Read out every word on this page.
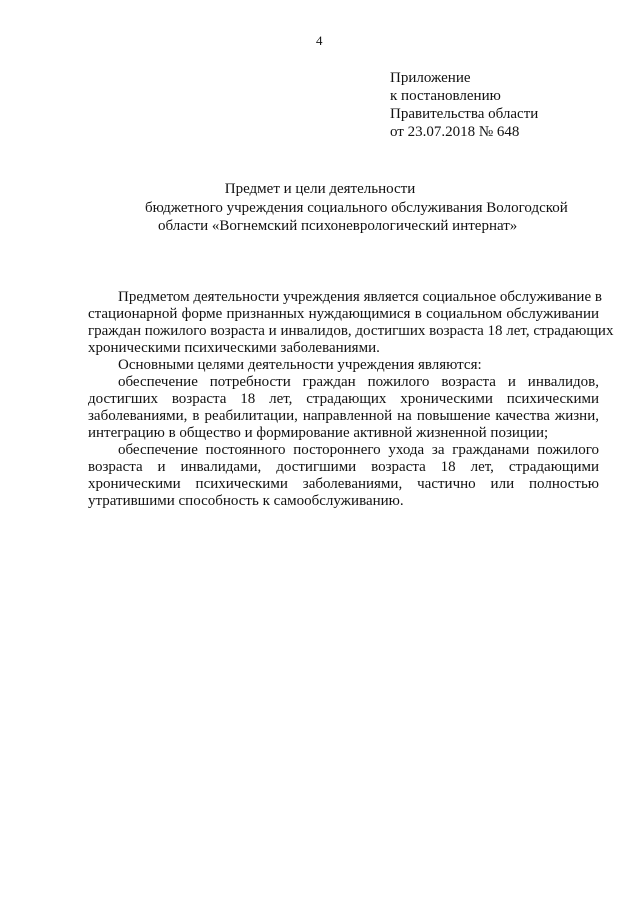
4
Приложение
к постановлению
Правительства области
от 23.07.2018 № 648
Предмет и цели деятельности
бюджетного учреждения социального обслуживания Вологодской
области «Вогнемский психоневрологический интернат»
Предметом деятельности учреждения является социальное обслуживание в
стационарной форме признанных нуждающимися в социальном обслуживании
граждан пожилого возраста и инвалидов, достигших возраста 18 лет, страдающих
хроническими психическими заболеваниями.
Основными целями деятельности учреждения являются:
обеспечение потребности граждан пожилого возраста и инвалидов,
достигших возраста 18 лет, страдающих хроническими психическими
заболеваниями, в реабилитации, направленной на повышение качества жизни,
интеграцию в общество и формирование активной жизненной позиции;
обеспечение постоянного постороннего ухода за гражданами пожилого
возраста и инвалидами, достигшими возраста 18 лет, страдающими
хроническими психическими заболеваниями, частично или полностью
утратившими способность к самообслуживанию.
